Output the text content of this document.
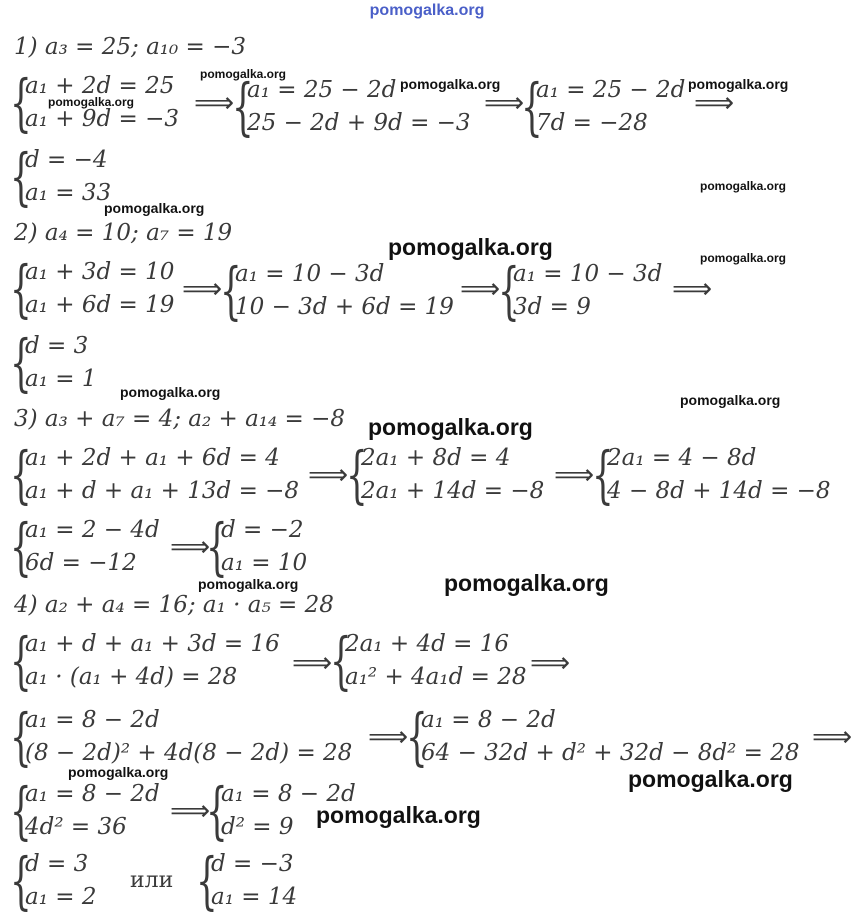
pomogalka.org
1) a₃ = 25; a₁₀ = −3
{
a₁ + 2d = 25
a₁ + 9d = −3 ⟹
{
a₁ = 25 − 2d
25 − 2d + 9d = −3
⟹
{
a₁ = 25 − 2d
7d = −28
⟹
{
d = −4
a₁ = 33
2) a₄ = 10; a₇ = 19
{
a₁ + 3d = 10
a₁ + 6d = 19 ⟹
{
a₁ = 10 − 3d
10 − 3d + 6d = 19
⟹
{
a₁ = 10 − 3d
3d = 9
⟹
{
d = 3
a₁ = 1
3) a₃ + a₇ = 4; a₂ + a₁₄ = −8
{
a₁ + 2d + a₁ + 6d = 4
a₁ + d + a₁ + 13d = −8 ⟹
{
2a₁ + 8d = 4
2a₁ + 14d = −8 ⟹
{
2a₁ = 4 − 8d
4 − 8d + 14d = −8
{
a₁ = 2 − 4d
6d = −12	⟹
{
d = −2
a₁ = 10
4) a₂ + a₄ = 16; a₁ · a₅ = 28
{
a₁ + d + a₁ + 3d = 16
a₁ · (a₁ + 4d) = 28	⟹
{
2a₁ + 4d = 16
a₁² + 4a₁d = 28 ⟹
{
a₁ = 8 − 2d
(8 − 2d)² + 4d(8 − 2d) = 28 ⟹
{
a₁ = 8 − 2d
64 − 32d + d² + 32d − 8d² = 28 ⟹
{
a₁ = 8 − 2d
4d² = 36	⟹
{
a₁ = 8 − 2d
d² = 9
{
d = 3
a₁ = 2
или {
d = −3
a₁ = 14
pomogalka.org
pomogalka.org
pomogalka.org	pomogalka.org
pomogalka.org
pomogalka.org
pomogalka.org	pomogalka.org
pomogalka.org	pomogalka.org
pomogalka.org
pomogalka.org	pomogalka.org
pomogalka.org	pomogalka.org
pomogalka.org
